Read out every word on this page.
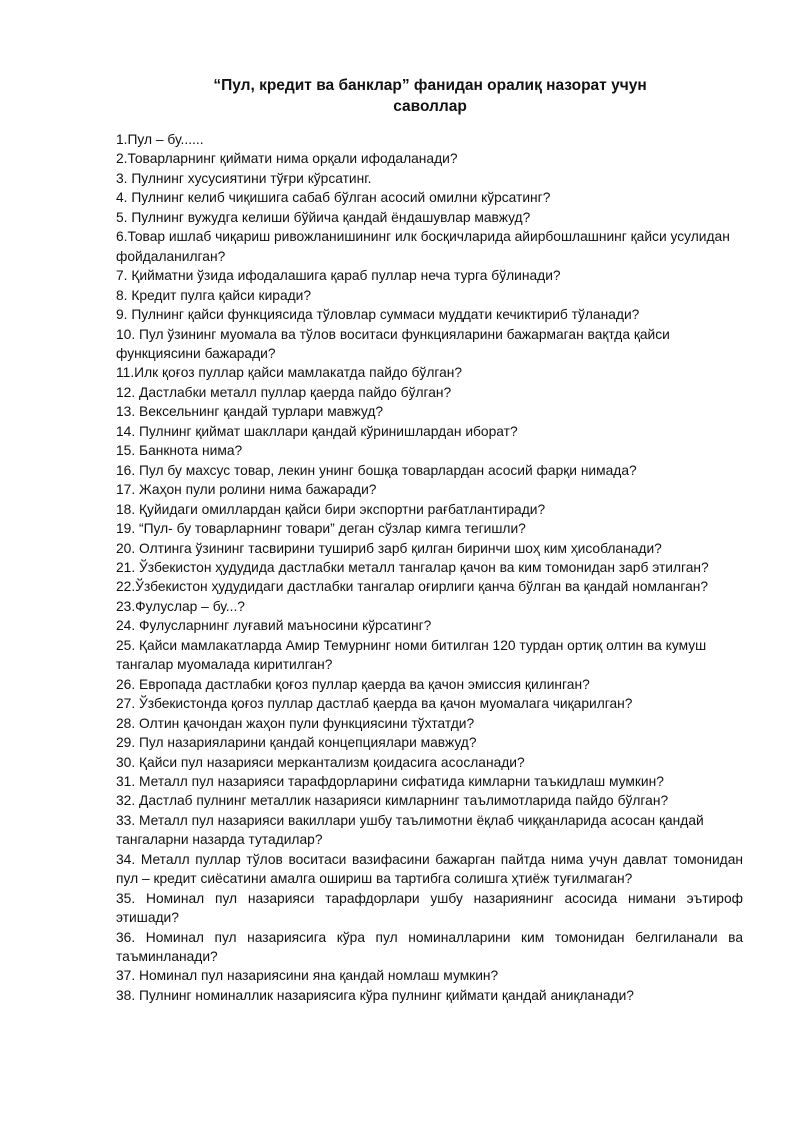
“Пул, кредит ва банклар” фанидан оралиқ назорат учун
саволлар

1.Пул – бу......

2.Товарларнинг қиймати нима орқали ифодаланади?

3. Пулнинг хусусиятини тўғри кўрсатинг.

4. Пулнинг келиб чиқишига сабаб бўлган асосий омилни кўрсатинг?

5. Пулнинг вужудга келиши бўйича қандай ёндашувлар мавжуд?

6.Товар ишлаб чиқариш ривожланишининг илк босқичларида айирбошлашнинг қайси усулидан фойдаланилган?

7. Қийматни ўзида ифодалашига қараб пуллар неча турга бўлинади?

8. Кредит пулга қайси киради?

9. Пулнинг қайси функциясида тўловлар суммаси муддати кечиктириб тўланади?

10. Пул ўзининг муомала ва тўлов воситаси функцияларини бажармаган вақтда қайси функциясини бажаради?

11.Илк қоғоз пуллар қайси мамлакатда пайдо бўлган?

12. Дастлабки металл пуллар қаерда пайдо бўлган?

13. Вексельнинг қандай турлари мавжуд?

14. Пулнинг қиймат шакллари қандай кўринишлардан иборат?

15. Банкнота нима?

16. Пул бу махсус товар, лекин унинг бошқа товарлардан асосий фарқи нимада?

17. Жаҳон пули ролини нима бажаради?

18. Қуйидаги омиллардан қайси бири экспортни рағбатлантиради?

19. “Пул- бу товарларнинг товари” деган сўзлар кимга тегишли?

20. Олтинга ўзининг тасвирини тушириб зарб қилган биринчи шоҳ ким ҳисобланади?

21. Ўзбекистон ҳудудида дастлабки металл тангалар қачон ва ким томонидан зарб этилган?

22.Ўзбекистон ҳудудидаги дастлабки тангалар оғирлиги қанча бўлган ва қандай номланган?

23.Фулуслар – бу...?

24. Фулусларнинг луғавий маъносини кўрсатинг?

25. Қайси мамлакатларда Амир Темурнинг номи битилган 120 турдан ортиқ олтин ва кумуш тангалар муомалада киритилган?

26. Европада дастлабки қоғоз пуллар қаерда ва қачон эмиссия қилинган?

27. Ўзбекистонда қоғоз пуллар дастлаб қаерда ва қачон муомалага чиқарилган?

28. Олтин қачондан жаҳон пули функциясини тўхтатди?

29. Пул назарияларини қандай концепциялари мавжуд?

30. Қайси пул назарияси меркантализм қоидасига асосланади?

31. Металл пул назарияси тарафдорларини сифатида кимларни таъкидлаш мумкин?

32. Дастлаб пулнинг металлик назарияси кимларнинг таълимотларида пайдо бўлган?

33. Металл пул назарияси вакиллари ушбу таълимотни ёқлаб чиққанларида асосан қандай тангаларни назарда тутадилар?

34. Металл пуллар тўлов воситаси вазифасини бажарган пайтда нима учун давлат томонидан пул – кредит сиёсатини амалга ошириш ва тартибга солишга ҳтиёж туғилмаган?

35. Номинал пул назарияси тарафдорлари ушбу назариянинг асосида нимани эътироф этишади?

36. Номинал пул назариясига кўра пул номиналларини ким томонидан белгиланали ва таъминланади?

37. Номинал пул назариясини яна қандай номлаш мумкин?

38. Пулнинг номиналлик назариясига кўра пулнинг қиймати қандай аниқланади?
